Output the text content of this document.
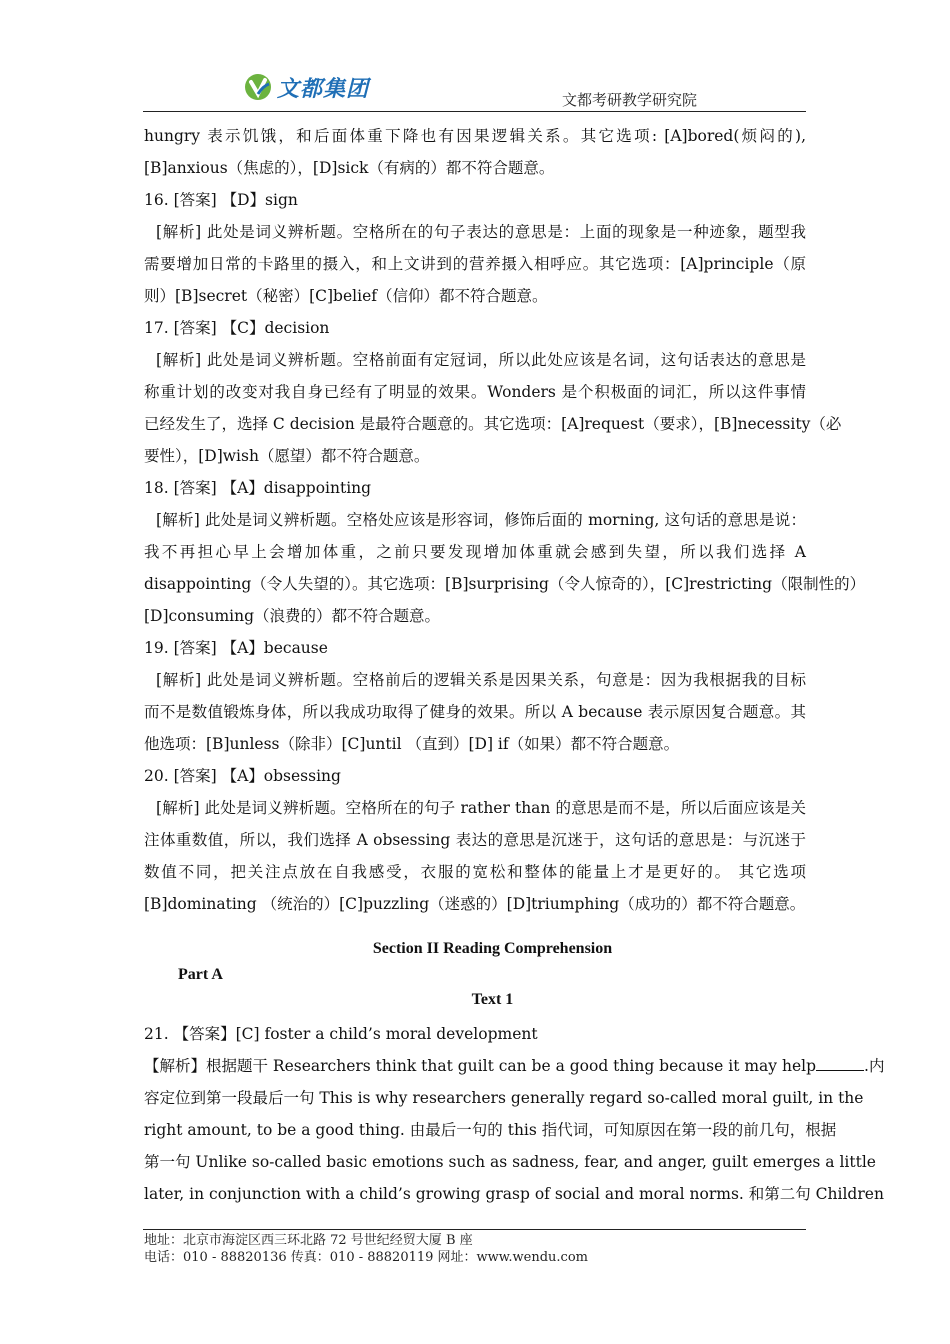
文都集团	文都考研教学研究院
hungry 表示饥饿，和后面体重下降也有因果逻辑关系。其它选项: [A]bored(烦闷的),
[B]anxious（焦虑的），[D]sick（有病的）都不符合题意。
16. [答案] 【D】sign
[解析] 此处是词义辨析题。空格所在的句子表达的意思是：上面的现象是一种迹象，题型我
需要增加日常的卡路里的摄入，和上文讲到的营养摄入相呼应。其它选项：[A]principle（原
则）[B]secret（秘密）[C]belief（信仰）都不符合题意。
17. [答案] 【C】decision
[解析] 此处是词义辨析题。空格前面有定冠词，所以此处应该是名词，这句话表达的意思是
称重计划的改变对我自身已经有了明显的效果。Wonders 是个积极面的词汇，所以这件事情
已经发生了，选择 C decision 是最符合题意的。其它选项：[A]request（要求），[B]necessity（必
要性），[D]wish（愿望）都不符合题意。
18. [答案] 【A】disappointing
[解析] 此处是词义辨析题。空格处应该是形容词，修饰后面的 morning, 这句话的意思是说：
我不再担心早上会增加体重，之前只要发现增加体重就会感到失望，所以我们选择 A
disappointing（令人失望的）。其它选项：[B]surprising（令人惊奇的），[C]restricting（限制性的）
[D]consuming（浪费的）都不符合题意。
19. [答案] 【A】because
[解析] 此处是词义辨析题。空格前后的逻辑关系是因果关系，句意是：因为我根据我的目标
而不是数值锻炼身体，所以我成功取得了健身的效果。所以 A because 表示原因复合题意。其
他选项：[B]unless（除非）[C]until （直到）[D] if（如果）都不符合题意。
20. [答案] 【A】obsessing
[解析] 此处是词义辨析题。空格所在的句子 rather than 的意思是而不是，所以后面应该是关
注体重数值，所以，我们选择 A obsessing 表达的意思是沉迷于，这句话的意思是：与沉迷于
数值不同，把关注点放在自我感受，衣服的宽松和整体的能量上才是更好的。 其它选项
[B]dominating （统治的）[C]puzzling（迷惑的）[D]triumphing（成功的）都不符合题意。
Section II Reading Comprehension
Part A
Text 1
21. 【答案】[C] foster a child’s moral development
【解析】根据题干 Researchers think that guilt can be a good thing because it may help	.内
容定位到第一段最后一句 This is why researchers generally regard so-called moral guilt, in the
right amount, to be a good thing. 由最后一句的 this 指代词，可知原因在第一段的前几句，根据
第一句 Unlike so-called basic emotions such as sadness, fear, and anger, guilt emerges a little
later, in conjunction with a child’s growing grasp of social and moral norms. 和第二句 Children
地址：北京市海淀区西三环北路 72 号世纪经贸大厦 B 座
电话：010 - 88820136 传真：010 - 88820119 网址：www.wendu.com
